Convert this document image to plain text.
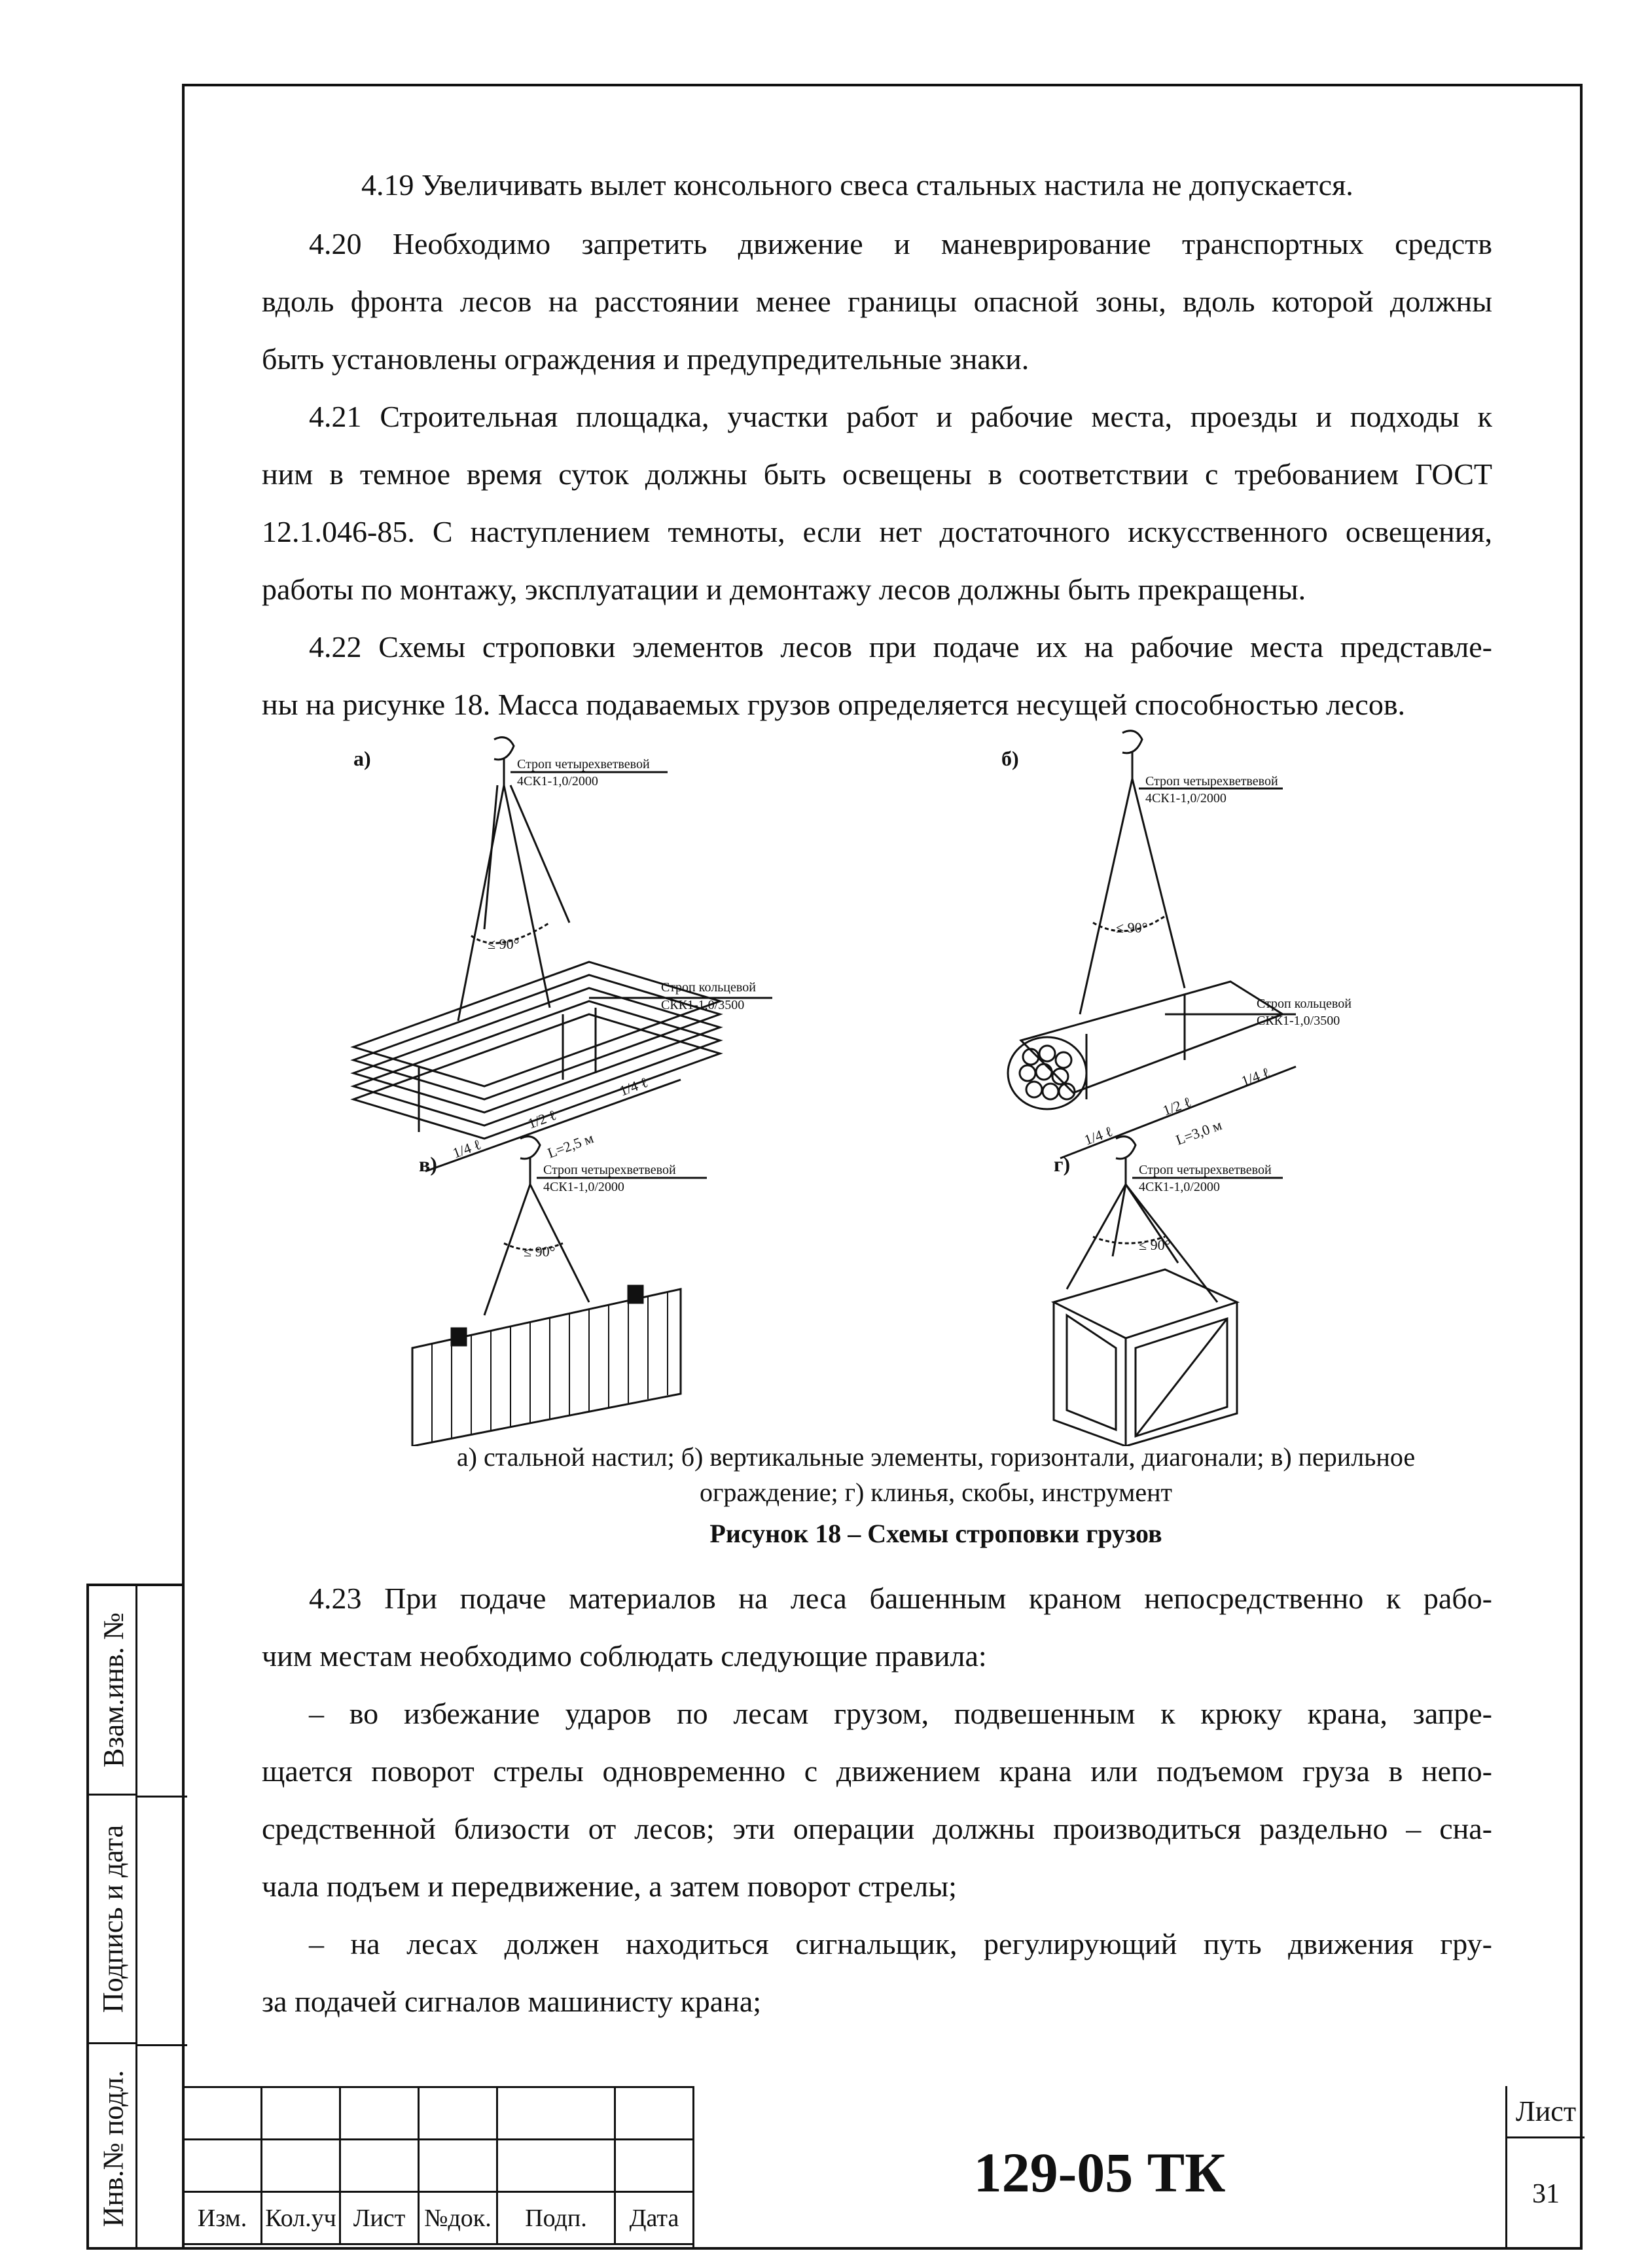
Взам.инв. №
Подпись и дата
Инв.№ подл.
4.19 Увеличивать вылет консольного свеса стальных настила не допускается.
4.20 Необходимо запретить движение и маневрирование транспортных средств
вдоль фронта лесов на расстоянии менее границы опасной зоны, вдоль которой должны
быть установлены ограждения и предупредительные знаки.
4.21 Строительная площадка, участки работ и рабочие места, проезды и подходы к
ним в темное время суток должны быть освещены в соответствии с требованием ГОСТ
12.1.046-85. С наступлением темноты, если нет достаточного искусственного освещения,
работы по монтажу, эксплуатации и демонтажу лесов должны быть прекращены.
4.22 Схемы строповки элементов лесов при подаче их на рабочие места представле-
ны на рисунке 18. Масса подаваемых грузов определяется несущей способностью лесов.
а)
≤ 90°
Строп четырехветвевой
4СК1-1,0/2000
Строп кольцевой
СКК1-1,0/3500
1/4 ℓ
1/2 ℓ
1/4 ℓ
L=2,5 м
б)
≤ 90°
Строп четырехветвевой
4СК1-1,0/2000
Строп кольцевой
СКК1-1,0/3500
1/4 ℓ
1/2 ℓ
1/4 ℓ
L=3,0 м
в)
≤ 90°
Строп четырехветвевой
4СК1-1,0/2000
г)
≤ 90°
Строп четырехветвевой
4СК1-1,0/2000
а) стальной настил; б) вертикальные элементы, горизонтали, диагонали; в) перильное
ограждение; г) клинья, скобы, инструмент
Рисунок 18 – Схемы строповки грузов
4.23 При подаче материалов на леса башенным краном непосредственно к рабо-
чим местам необходимо соблюдать следующие правила:
– во избежание ударов по лесам грузом, подвешенным к крюку крана, запре-
щается поворот стрелы одновременно с движением крана или подъемом груза в непо-
средственной близости от лесов; эти операции должны производиться раздельно – сна-
чала подъем и передвижение, а затем поворот стрелы;
– на лесах должен находиться сигнальщик, регулирующий путь движения гру-
за подачей сигналов машинисту крана;

Изм.	Кол.уч	Лист	№док.	Подп.	Дата
129-05 ТК
Лист
31
